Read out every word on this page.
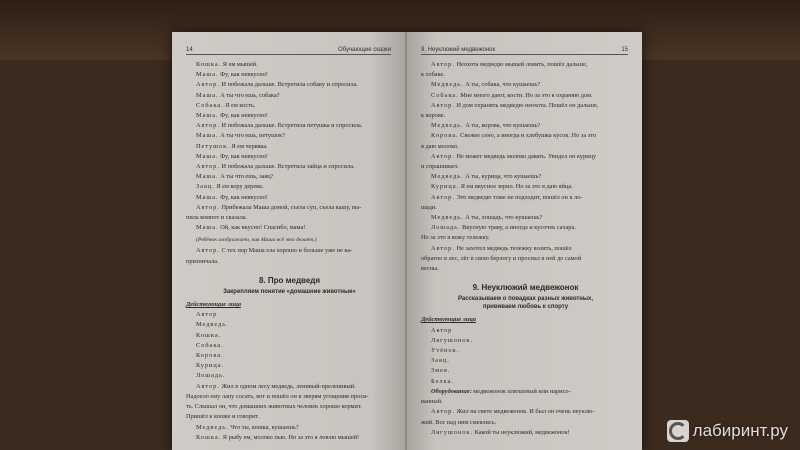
14	Обучающие сказки

Кошка. Я ем мышей.

Маша. Фу, как невкусно!

Автор. И побежала дальше. Встретила собаку и спросила.

Маша. А ты что ешь, собака?

Собака. Я ем кость.

Маша. Фу, как невкусно!

Автор. И побежала дальше. Встретила петушка и спросила.

Маша. А ты что ешь, петушок?

Петушок. Я ем червяка.

Маша. Фу, как невкусно!

Автор. И побежала дальше. Встретила зайца и спросила.

Маша. А ты что ешь, заяц?

Заяц. Я ем кору дерева.

Маша. Фу, как невкусно!

Автор. Прибежала Маша домой, съела суп, съела кашу, вы-

пила компот и сказала.

Маша. Ой, как вкусно! Спасибо, мама!

(Ребёнок изображает, как Маша всё это делает.)

Автор. С тех пор Маша ела хорошо и больше уже не ка-

призничала.

8. Про медведя
Закрепляем понятие «домашние животные»
Действующие лица
Автор
Медведь.
Кошка.
Собака.
Корова.
Курица.
Лошадь.

Автор. Жил в одном лесу медведь, ленивый-преленивый.

Надоело ему лапу сосать, вот и пошёл он к зверям угощения проси-

ть. Слышал он, что домашних животных человек хорошо кормит.

Пришёл к кошке и говорит.

Медведь. Что ты, кошка, кушаешь?

Кошка. Я рыбу ем, молоко пью. Но за это я ловлю мышей!

9. Неуклюжий медвежонок	15

Автор. Неохота медведю мышей ловить, пошёл дальше,

к собаке.

Медведь. А ты, собака, что кушаешь?

Собака. Мне много дают, кости. Но за это я охраняю дом.

Автор. И дом охранять медведю неохота. Пошёл он дальше,

к корове.

Медведь. А ты, корова, что кушаешь?

Корова. Свежее сено, а иногда и хлебушка кусок. Но за это

я даю молоко.

Автор. Не может медведь молоко давать. Увидел он курицу

и спрашивает.

Медведь. А ты, курица, что кушаешь?

Курица. Я ем вкусное зерно. Но за это я даю яйца.

Автор. Это медведю тоже не подходит, пошёл он к ло-

шади.

Медведь. А ты, лошадь, что кушаешь?

Лошадь. Вкусную траву, а иногда и кусочек сахара.

Но за это я вожу тележку.

Автор. Не захотел медведь тележку возить, пошёл

обратно в лес, лёг в свою берлогу и проспал в ней до самой

весны.

9. Неуклюжий медвежонок
Рассказываем о повадках разных животных,
прививаем любовь к спорту
Действующие лица
Автор
Лягушонок.
Утёнок.
Заяц.
Змея.
Белка.

Оборудование: медвежонок плюшевый или нарисо-

ванный.

Автор. Жил на свете медвежонок. И был он очень неуклю-

жий. Все над ним смеялись.

Лягушонок. Какой ты неуклюжий, медвежонок!	лабиринт.ру
